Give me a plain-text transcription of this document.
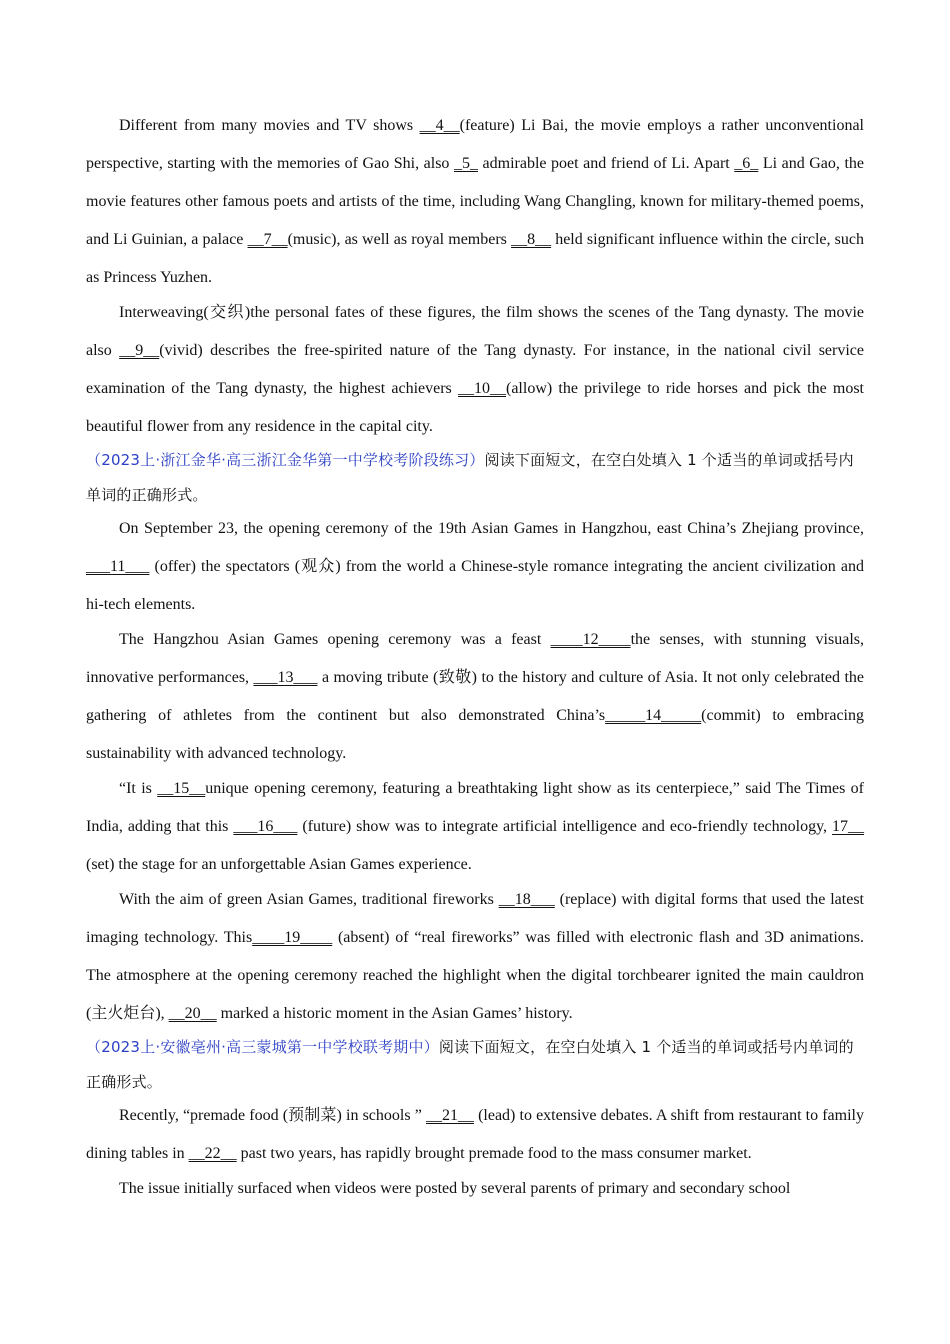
Different from many movies and TV shows __4__(feature) Li Bai, the movie employs a rather unconventional perspective, starting with the memories of Gao Shi, also _5_ admirable poet and friend of Li. Apart _6_ Li and Gao, the movie features other famous poets and artists of the time, including Wang Changling, known for military-themed poems, and Li Guinian, a palace __7__(music), as well as royal members __8__ held significant influence within the circle, such as Princess Yuzhen.

Interweaving(交织)the personal fates of these figures, the film shows the scenes of the Tang dynasty. The movie also __9__(vivid) describes the free-spirited nature of the Tang dynasty. For instance, in the national civil service examination of the Tang dynasty, the highest achievers __10__(allow) the privilege to ride horses and pick the most beautiful flower from any residence in the capital city.

（2023上·浙江金华·高三浙江金华第一中学校考阶段练习）阅读下面短文，在空白处填入 1 个适当的单词或括号内单词的正确形式。

On September 23, the opening ceremony of the 19th Asian Games in Hangzhou, east China’s Zhejiang province, ___11___ (offer) the spectators (观众) from the world a Chinese-style romance integrating the ancient civilization and hi-tech elements.

The Hangzhou Asian Games opening ceremony was a feast ____12____the senses, with stunning visuals, innovative performances, ___13___ a moving tribute (致敬) to the history and culture of Asia. It not only celebrated the gathering of athletes from the continent but also demonstrated China’s_____14_____(commit) to embracing sustainability with advanced technology.

“It is __15__unique opening ceremony, featuring a breathtaking light show as its centerpiece,” said The Times of India, adding that this ___16___ (future) show was to integrate artificial intelligence and eco-friendly technology, 17__ (set) the stage for an unforgettable Asian Games experience.

With the aim of green Asian Games, traditional fireworks __18___ (replace) with digital forms that used the latest imaging technology. This____19____ (absent) of “real fireworks” was filled with electronic flash and 3D animations. The atmosphere at the opening ceremony reached the highlight when the digital torchbearer ignited the main cauldron (主火炬台), __20__ marked a historic moment in the Asian Games’ history.

（2023上·安徽亳州·高三蒙城第一中学校联考期中）阅读下面短文，在空白处填入 1 个适当的单词或括号内单词的正确形式。

Recently, “premade food (预制菜) in schools ” __21__ (lead) to extensive debates. A shift from restaurant to family dining tables in __22__ past two years, has rapidly brought premade food to the mass consumer market.

The issue initially surfaced when videos were posted by several parents of primary and secondary school
